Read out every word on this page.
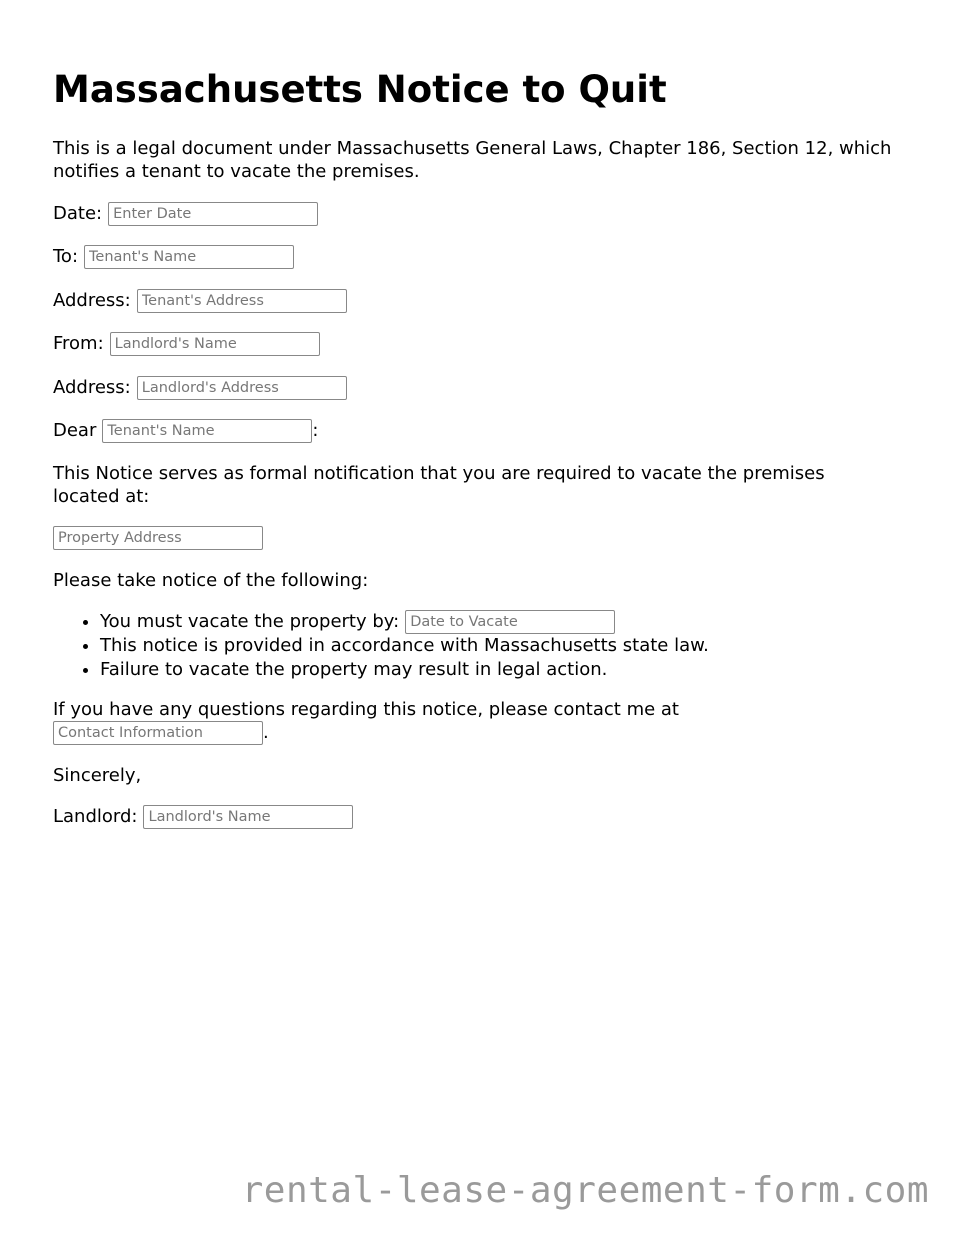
Massachusetts Notice to Quit

This is a legal document under Massachusetts General Laws, Chapter 186, Section 12, which notifies a tenant to vacate the premises.

Date:
Enter Date
To:
Tenant's Name
Address:
Tenant's Address
From:
Landlord's Name
Address:
Landlord's Address
Dear
Tenant's Name	:

This Notice serves as formal notification that you are required to vacate the premises located at:

Property Address

Please take notice of the following:

• You must vacate the property by:Date to Vacate
• This notice is provided in accordance with Massachusetts state law.
• Failure to vacate the property may result in legal action.

If you have any questions regarding this notice, please contact me at

Contact Information
.

Sincerely,

Landlord:
Landlord's Name
rental-lease-agreement-form.com
